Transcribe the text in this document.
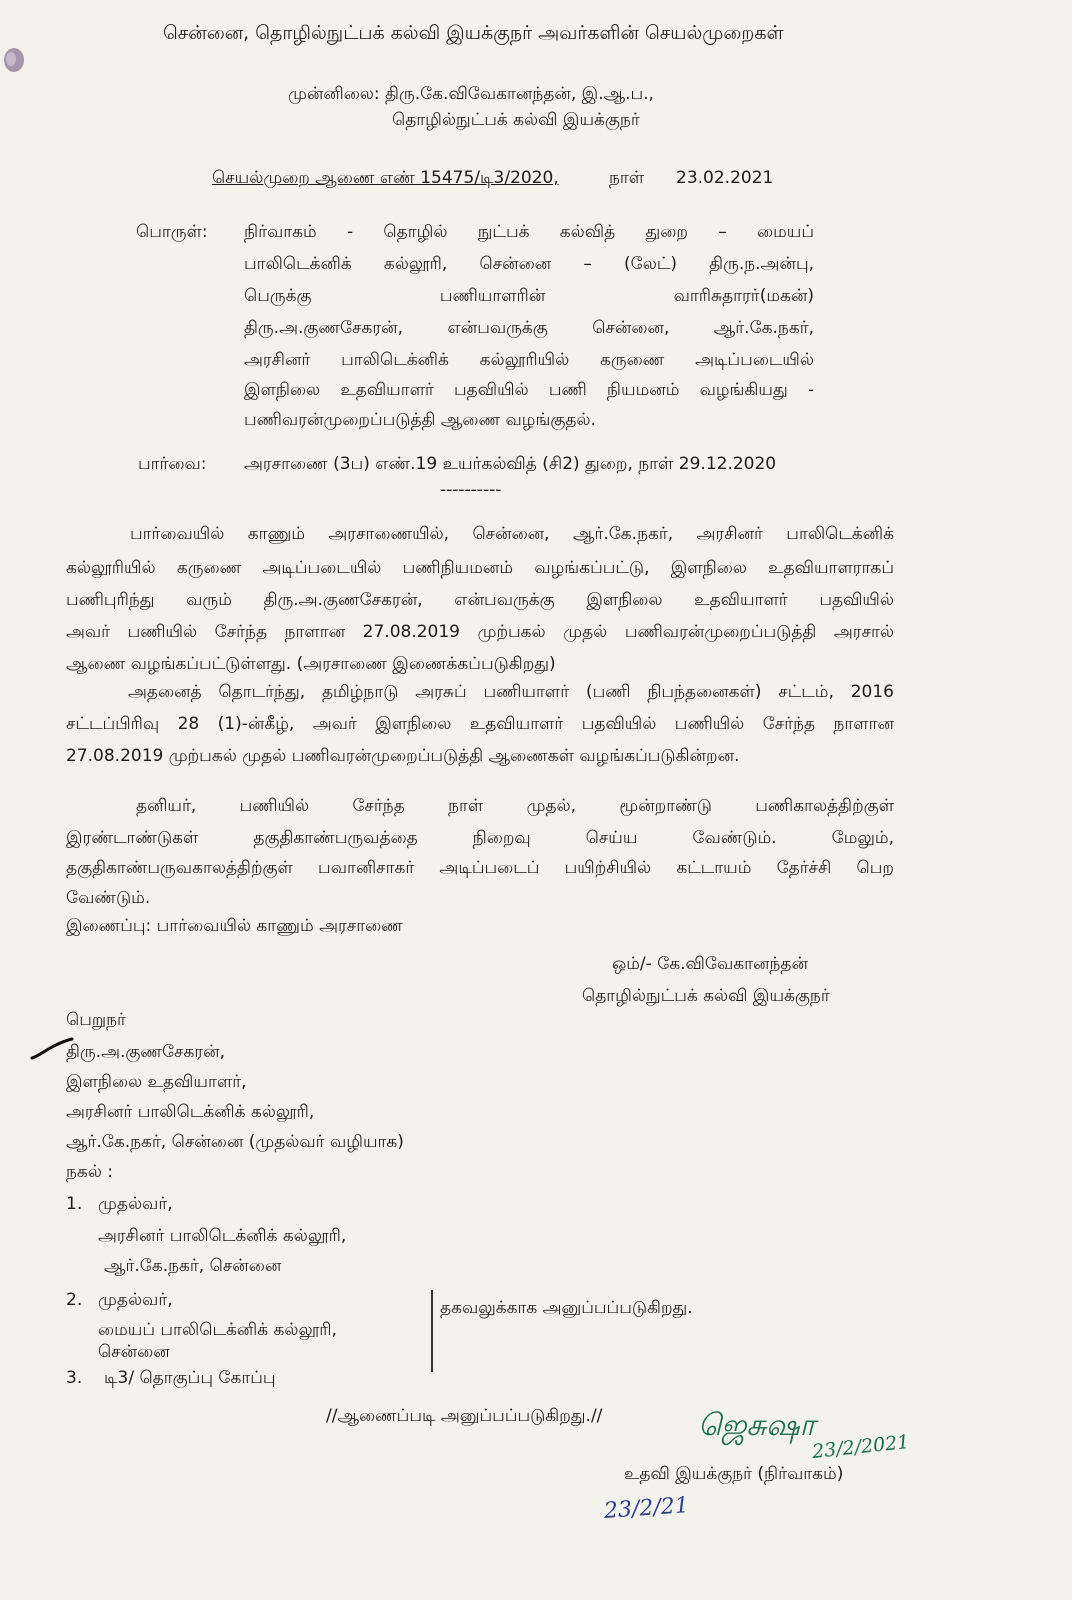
சென்னை, தொழில்நுட்பக் கல்வி இயக்குநர் அவர்களின் செயல்முறைகள்
முன்னிலை: திரு.கே.விவேகானந்தன், இ.ஆ.ப.,
தொழில்நுட்பக் கல்வி இயக்குநர்
செயல்முறை ஆணை எண் 15475/டி3/2020,	நாள் 23.02.2021
பொருள்: நிர்வாகம் - தொழில் நுட்பக் கல்வித் துறை – மையப்
பாலிடெக்னிக் கல்லூரி, சென்னை – (லேட்) திரு.ந.அன்பு,
பெருக்கு பணியாளரின் வாரிசுதாரர்(மகன்)
திரு.அ.குணசேகரன், என்பவருக்கு சென்னை, ஆர்.கே.நகர்,
அரசினர் பாலிடெக்னிக் கல்லூரியில் கருணை அடிப்படையில்
இளநிலை உதவியாளர் பதவியில் பணி நியமனம் வழங்கியது -
பணிவரன்முறைப்படுத்தி ஆணை வழங்குதல்.
பார்வை: அரசாணை (3ப) எண்.19 உயர்கல்வித் (சி2) துறை, நாள் 29.12.2020
----------
பார்வையில் காணும் அரசாணையில், சென்னை, ஆர்.கே.நகர், அரசினர் பாலிடெக்னிக்
கல்லூரியில் கருணை அடிப்படையில் பணிநியமனம் வழங்கப்பட்டு, இளநிலை உதவியாளராகப்
பணிபுரிந்து வரும் திரு.அ.குணசேகரன், என்பவருக்கு இளநிலை உதவியாளர் பதவியில்
அவர் பணியில் சேர்ந்த நாளான 27.08.2019 முற்பகல் முதல் பணிவரன்முறைப்படுத்தி அரசால்
ஆணை வழங்கப்பட்டுள்ளது. (அரசாணை இணைக்கப்படுகிறது)
அதனைத் தொடர்ந்து, தமிழ்நாடு அரசுப் பணியாளர் (பணி நிபந்தனைகள்) சட்டம், 2016
சட்டப்பிரிவு 28 (1)-ன்கீழ், அவர் இளநிலை உதவியாளர் பதவியில் பணியில் சேர்ந்த நாளான
27.08.2019 முற்பகல் முதல் பணிவரன்முறைப்படுத்தி ஆணைகள் வழங்கப்படுகின்றன.
தனியர், பணியில் சேர்ந்த நாள் முதல், மூன்றாண்டு பணிகாலத்திற்குள்
இரண்டாண்டுகள் தகுதிகாண்பருவத்தை நிறைவு செய்ய வேண்டும். மேலும்,
தகுதிகாண்பருவகாலத்திற்குள் பவானிசாகர் அடிப்படைப் பயிற்சியில் கட்டாயம் தேர்ச்சி பெற
வேண்டும்.
இணைப்பு: பார்வையில் காணும் அரசாணை
ஒம்/- கே.விவேகானந்தன்
தொழில்நுட்பக் கல்வி இயக்குநர்
பெறுநர்
திரு.அ.குணசேகரன்,
இளநிலை உதவியாளர்,
அரசினர் பாலிடெக்னிக் கல்லூரி,
ஆர்.கே.நகர், சென்னை (முதல்வர் வழியாக)
நகல் :
1. முதல்வர்,
அரசினர் பாலிடெக்னிக் கல்லூரி,
ஆர்.கே.நகர், சென்னை
2. முதல்வர்,
மையப் பாலிடெக்னிக் கல்லூரி,
சென்னை
தகவலுக்காக அனுப்பப்படுகிறது.
3. டி3/ தொகுப்பு கோப்பு
//ஆணைப்படி அனுப்பப்படுகிறது.//	ஜெசுஷா
23/2/2021
உதவி இயக்குநர் (நிர்வாகம்)
23/2/21
